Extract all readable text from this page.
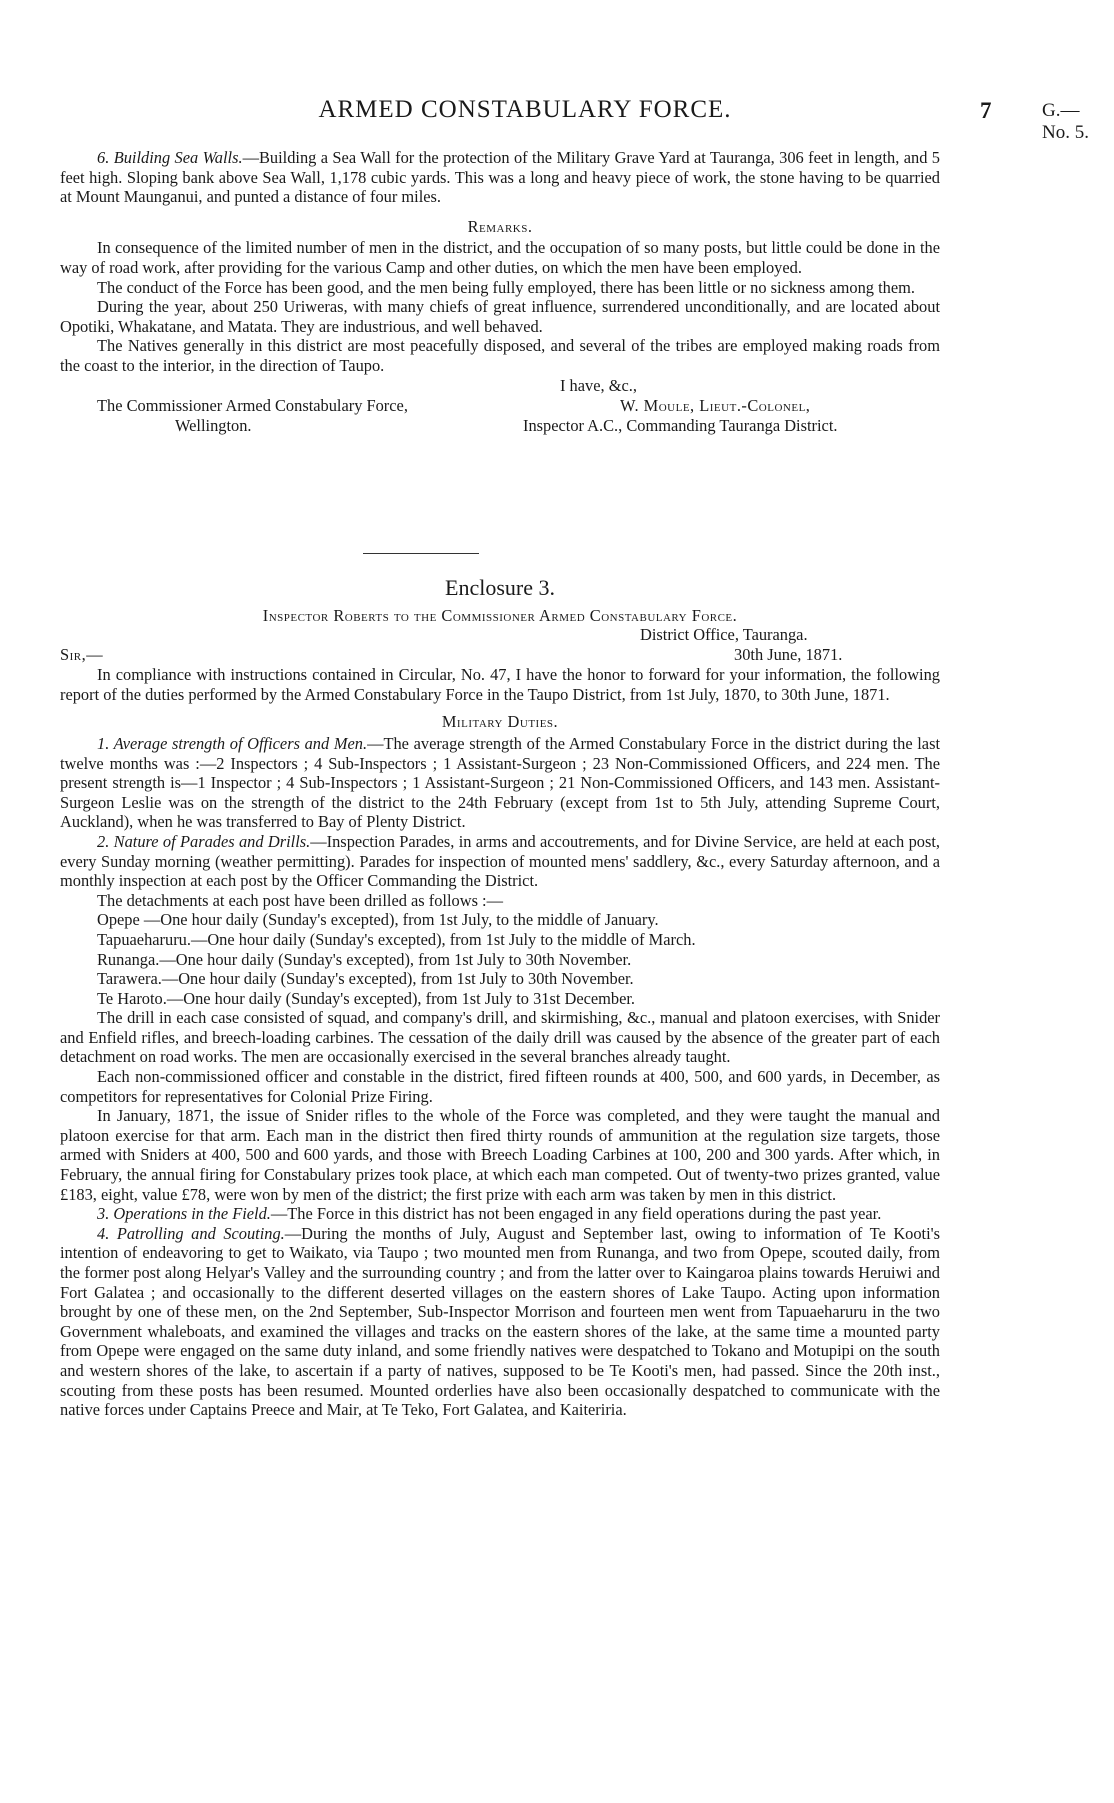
ARMED CONSTABULARY FORCE.	7	G.—No. 5.

6. Building Sea Walls.—Building a Sea Wall for the protection of the Military Grave Yard at Tauranga, 306 feet in length, and 5 feet high. Sloping bank above Sea Wall, 1,178 cubic yards. This was a long and heavy piece of work, the stone having to be quarried at Mount Maunganui, and punted a distance of four miles.

Remarks.

In consequence of the limited number of men in the district, and the occupation of so many posts, but little could be done in the way of road work, after providing for the various Camp and other duties, on which the men have been employed.

The conduct of the Force has been good, and the men being fully employed, there has been little or no sickness among them.

During the year, about 250 Uriweras, with many chiefs of great influence, surrendered unconditionally, and are located about Opotiki, Whakatane, and Matata. They are industrious, and well behaved.

The Natives generally in this district are most peacefully disposed, and several of the tribes are employed making roads from the coast to the interior, in the direction of Taupo.

I have, &c.,
The Commissioner Armed Constabulary Force,
Wellington.
W. Moule, Lieut.-Colonel,
Inspector A.C., Commanding Tauranga District.

Enclosure 3.

Inspector Roberts to the Commissioner Armed Constabulary Force.

District Office, Tauranga.
Sir,—	30th June, 1871.

In compliance with instructions contained in Circular, No. 47, I have the honor to forward for your information, the following report of the duties performed by the Armed Constabulary Force in the Taupo District, from 1st July, 1870, to 30th June, 1871.

Military Duties.

1. Average strength of Officers and Men.—The average strength of the Armed Constabulary Force in the district during the last twelve months was :—2 Inspectors ; 4 Sub-Inspectors ; 1 Assistant-Surgeon ; 23 Non-Commissioned Officers, and 224 men. The present strength is—1 Inspector ; 4 Sub-Inspectors ; 1 Assistant-Surgeon ; 21 Non-Commissioned Officers, and 143 men. Assistant-Surgeon Leslie was on the strength of the district to the 24th February (except from 1st to 5th July, attending Supreme Court, Auckland), when he was transferred to Bay of Plenty District.

2. Nature of Parades and Drills.—Inspection Parades, in arms and accoutrements, and for Divine Service, are held at each post, every Sunday morning (weather permitting). Parades for inspection of mounted mens' saddlery, &c., every Saturday afternoon, and a monthly inspection at each post by the Officer Commanding the District.

The detachments at each post have been drilled as follows :—

Opepe —One hour daily (Sunday's excepted), from 1st July, to the middle of January.

Tapuaeharuru.—One hour daily (Sunday's excepted), from 1st July to the middle of March.

Runanga.—One hour daily (Sunday's excepted), from 1st July to 30th November.

Tarawera.—One hour daily (Sunday's excepted), from 1st July to 30th November.

Te Haroto.—One hour daily (Sunday's excepted), from 1st July to 31st December.

The drill in each case consisted of squad, and company's drill, and skirmishing, &c., manual and platoon exercises, with Snider and Enfield rifles, and breech-loading carbines. The cessation of the daily drill was caused by the absence of the greater part of each detachment on road works. The men are occasionally exercised in the several branches already taught.

Each non-commissioned officer and constable in the district, fired fifteen rounds at 400, 500, and 600 yards, in December, as competitors for representatives for Colonial Prize Firing.

In January, 1871, the issue of Snider rifles to the whole of the Force was completed, and they were taught the manual and platoon exercise for that arm. Each man in the district then fired thirty rounds of ammunition at the regulation size targets, those armed with Sniders at 400, 500 and 600 yards, and those with Breech Loading Carbines at 100, 200 and 300 yards. After which, in February, the annual firing for Constabulary prizes took place, at which each man competed. Out of twenty-two prizes granted, value £183, eight, value £78, were won by men of the district; the first prize with each arm was taken by men in this district.

3. Operations in the Field.—The Force in this district has not been engaged in any field operations during the past year.

4. Patrolling and Scouting.—During the months of July, August and September last, owing to information of Te Kooti's intention of endeavoring to get to Waikato, via Taupo ; two mounted men from Runanga, and two from Opepe, scouted daily, from the former post along Helyar's Valley and the surrounding country ; and from the latter over to Kaingaroa plains towards Heruiwi and Fort Galatea ; and occasionally to the different deserted villages on the eastern shores of Lake Taupo. Acting upon information brought by one of these men, on the 2nd September, Sub-Inspector Morrison and fourteen men went from Tapuaeharuru in the two Government whaleboats, and examined the villages and tracks on the eastern shores of the lake, at the same time a mounted party from Opepe were engaged on the same duty inland, and some friendly natives were despatched to Tokano and Motupipi on the south and western shores of the lake, to ascertain if a party of natives, supposed to be Te Kooti's men, had passed. Since the 20th inst., scouting from these posts has been resumed. Mounted orderlies have also been occasionally despatched to communicate with the native forces under Captains Preece and Mair, at Te Teko, Fort Galatea, and Kaiteriria.
